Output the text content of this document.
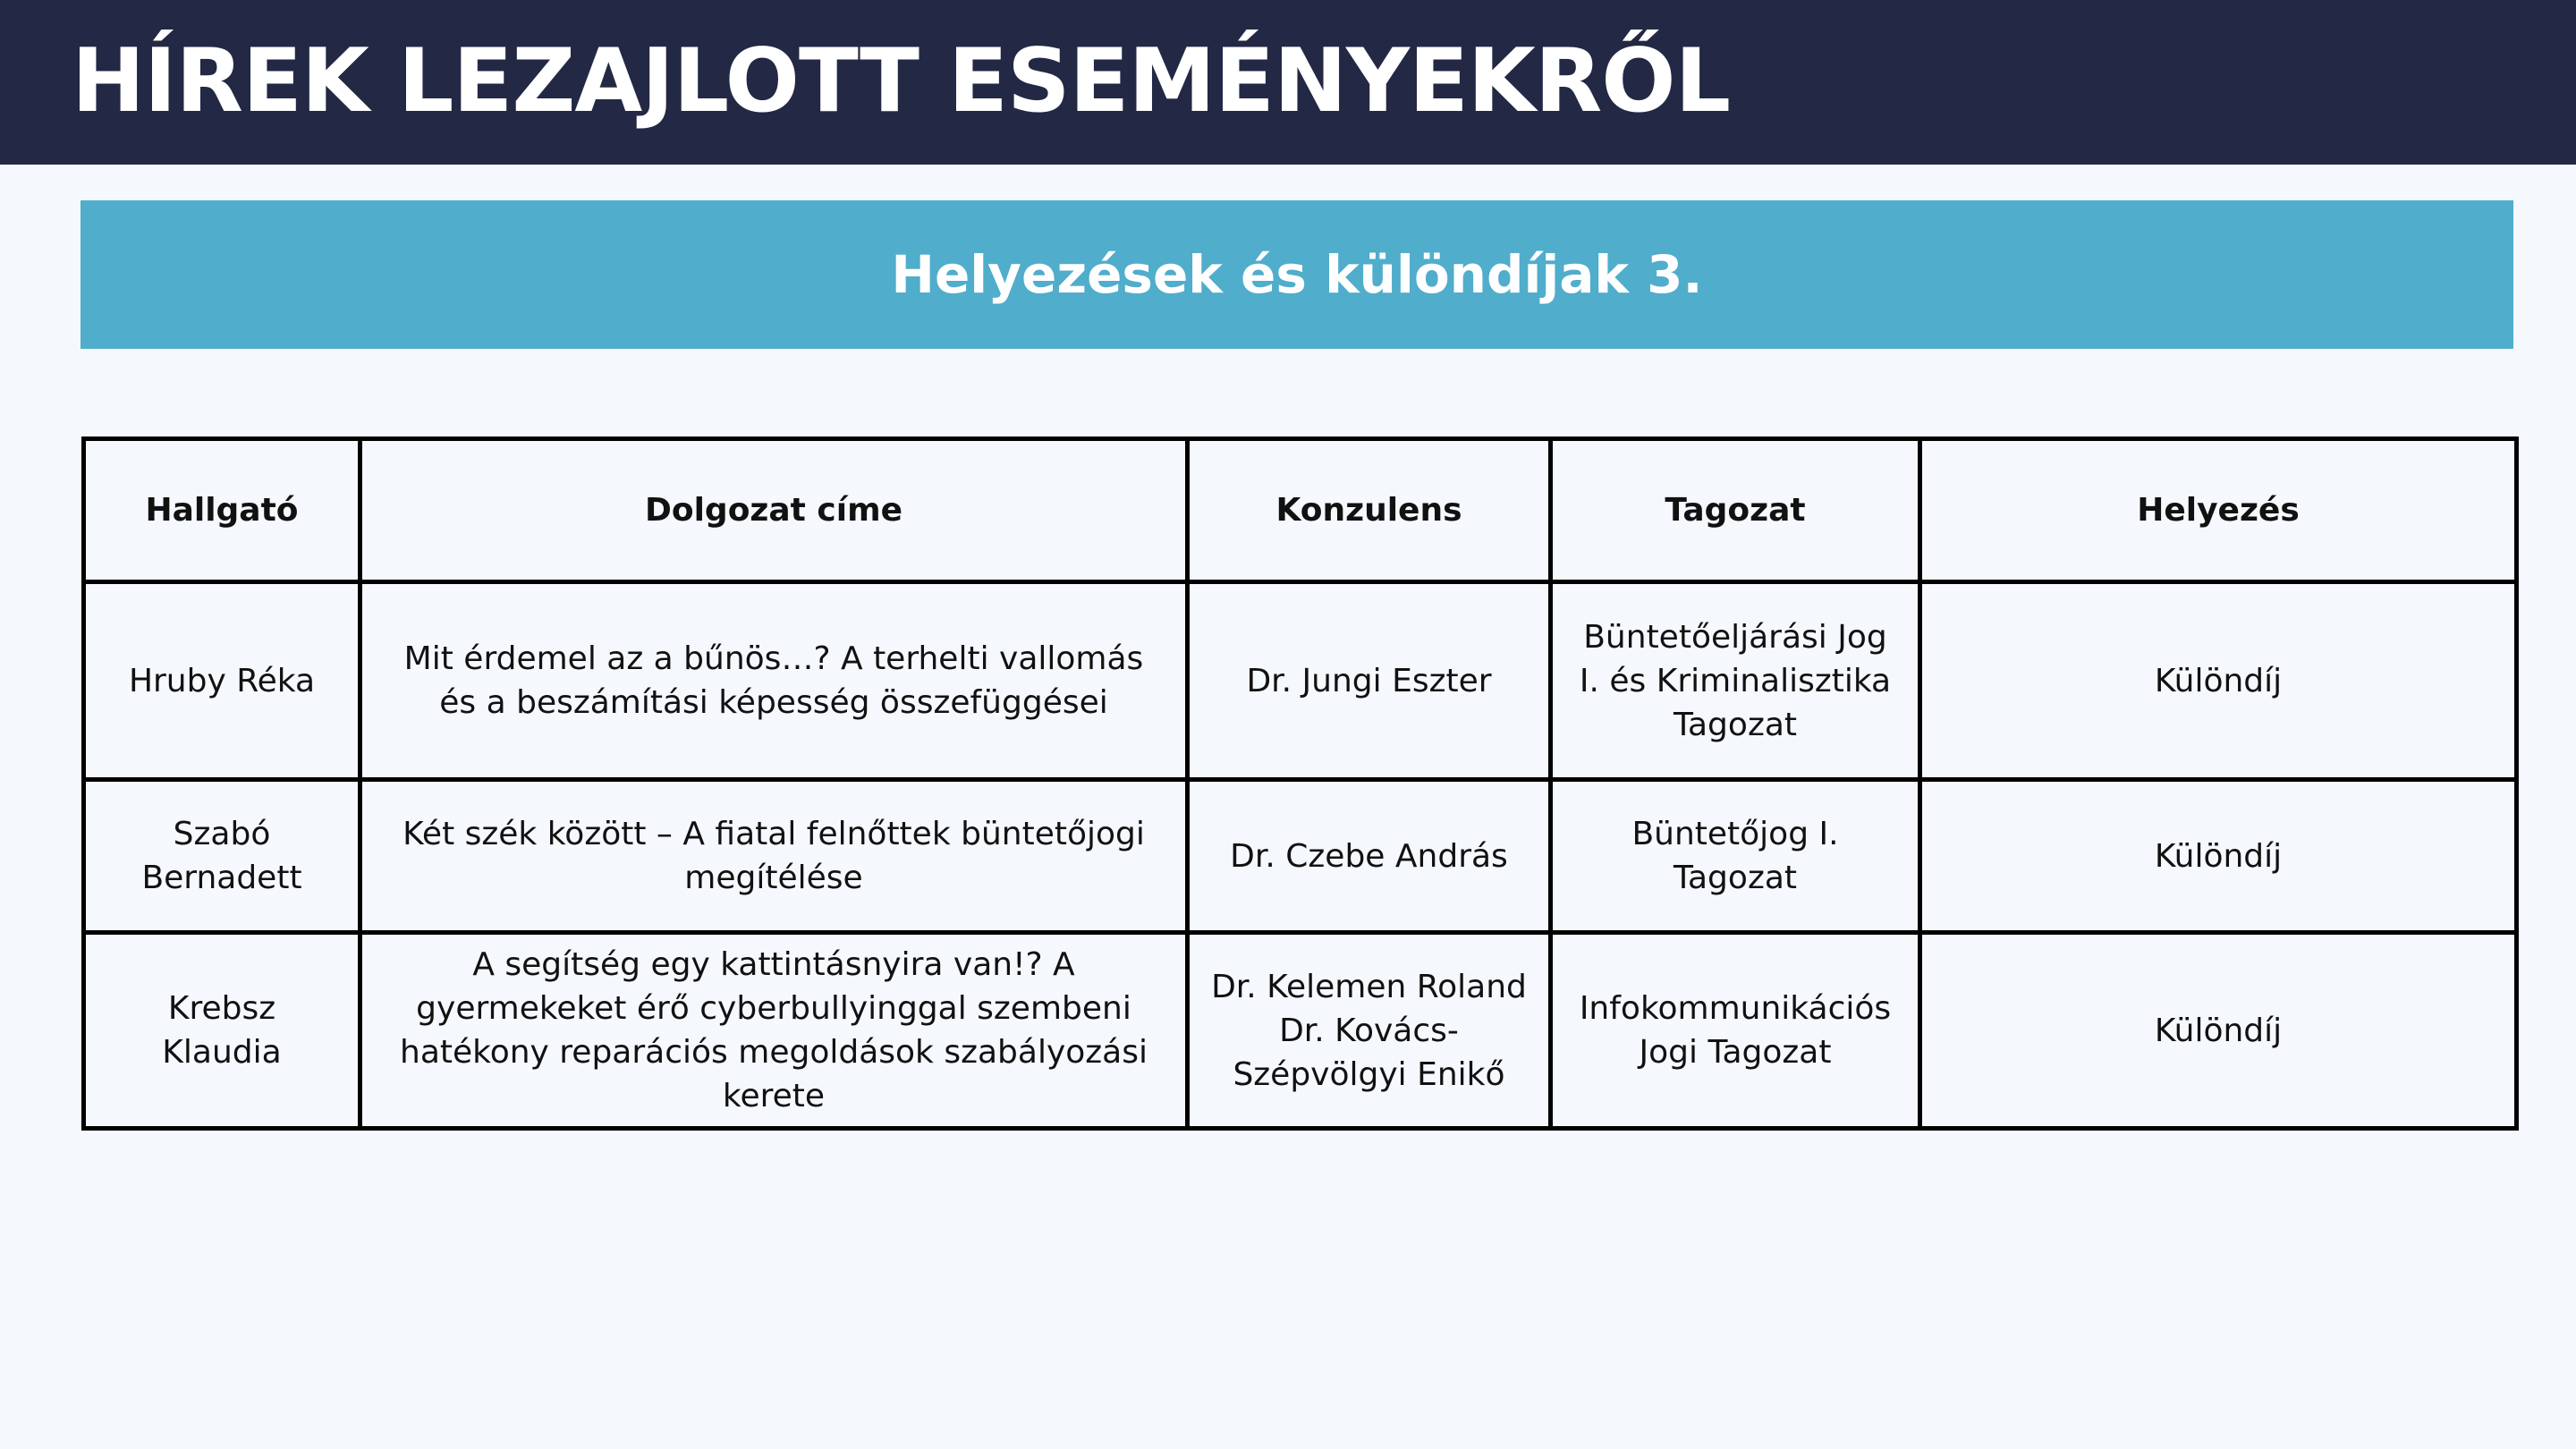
HÍREK LEZAJLOTT ESEMÉNYEKRŐL
Helyezések és különdíjak 3.
Hallgató	Dolgozat címe	Konzulens	Tagozat	Helyezés
Hruby Réka	Mit érdemel az a bűnös…? A terhelti vallomás és a beszámítási képesség összefüggései	Dr. Jungi Eszter	Büntetőeljárási Jog I. és Kriminalisztika Tagozat	Különdíj
Szabó Bernadett	Két szék között – A fiatal felnőttek büntetőjogi megítélése	Dr. Czebe András	Büntetőjog I. Tagozat	Különdíj
Krebsz Klaudia	A segítség egy kattintásnyira van!? A gyermekeket érő cyberbullyinggal szembeni hatékony reparációs megoldások szabályozási kerete	Dr. Kelemen Roland Dr. Kovács-Szépvölgyi Enikő	Infokommunikációs Jogi Tagozat	Különdíj
